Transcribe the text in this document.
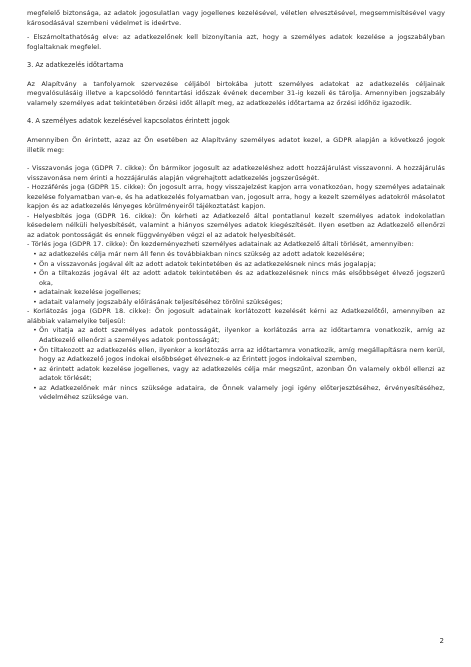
megfelelő biztonsága, az adatok jogosulatlan vagy jogellenes kezelésével, véletlen elvesztésével, megsemmisítésével vagy károsodásával szembeni védelmet is ideértve.

- Elszámoltathatóság elve: az adatkezelőnek kell bizonyítania azt, hogy a személyes adatok kezelése a jogszabályban foglaltaknak megfelel.

3. Az adatkezelés időtartama

Az Alapítvány a tanfolyamok szervezése céljából birtokába jutott személyes adatokat az adatkezelés céljainak megvalósulásáig illetve a kapcsolódó fenntartási időszak évének december 31-ig kezeli és tárolja. Amennyiben jogszabály valamely személyes adat tekintetében őrzési időt állapít meg, az adatkezelés időtartama az őrzési időhöz igazodik.

4. A személyes adatok kezelésével kapcsolatos érintett jogok

Amennyiben Ön érintett, azaz az Ön esetében az Alapítvány személyes adatot kezel, a GDPR alapján a következő jogok illetik meg:

- Visszavonás joga (GDPR 7. cikke): Ön bármikor jogosult az adatkezeléshez adott hozzájárulást visszavonni. A hozzájárulás visszavonása nem érinti a hozzájárulás alapján végrehajtott adatkezelés jogszerűségét.

- Hozzáférés joga (GDPR 15. cikke): Ön jogosult arra, hogy visszajelzést kapjon arra vonatkozóan, hogy személyes adatainak kezelése folyamatban van-e, és ha adatkezelés folyamatban van, jogosult arra, hogy a kezelt személyes adatokról másolatot kapjon és az adatkezelés lényeges körülményeiről tájékoztatást kapjon.

- Helyesbítés joga (GDPR 16. cikke): Ön kérheti az Adatkezelő által pontatlanul kezelt személyes adatok indokolatlan késedelem nélküli helyesbítését, valamint a hiányos személyes adatok kiegészítését. Ilyen esetben az Adatkezelő ellenőrzi az adatok pontosságát és ennek függvényében végzi el az adatok helyesbítését.

- Törlés joga (GDPR 17. cikke): Ön kezdeményezheti személyes adatainak az Adatkezelő általi törlését, amennyiben:

• az adatkezelés célja már nem áll fenn és továbbiakban nincs szükség az adott adatok kezelésére;
• Ön a visszavonás jogával élt az adott adatok tekintetében és az adatkezelésnek nincs más jogalapja;
• Ön a tiltakozás jogával élt az adott adatok tekintetében és az adatkezelésnek nincs más elsőbbséget élvező jogszerű oka,
• adatainak kezelése jogellenes;
• adatait valamely jogszabály előírásának teljesítéséhez törölni szükséges;

- Korlátozás joga (GDPR 18. cikke): Ön jogosult adatainak korlátozott kezelését kérni az Adatkezelőtől, amennyiben az alábbiak valamelyike teljesül:

• Ön vitatja az adott személyes adatok pontosságát, ilyenkor a korlátozás arra az időtartamra vonatkozik, amíg az Adatkezelő ellenőrzi a személyes adatok pontosságát;
• Ön tiltakozott az adatkezelés ellen, ilyenkor a korlátozás arra az időtartamra vonatkozik, amíg megállapításra nem kerül, hogy az Adatkezelő jogos indokai elsőbbséget élveznek-e az Érintett jogos indokaival szemben,
• az érintett adatok kezelése jogellenes, vagy az adatkezelés célja már megszűnt, azonban Ön valamely okból ellenzi az adatok törlését;
• az Adatkezelőnek már nincs szüksége adataira, de Önnek valamely jogi igény előterjesztéséhez, érvényesítéséhez, védelméhez szüksége van.
2
